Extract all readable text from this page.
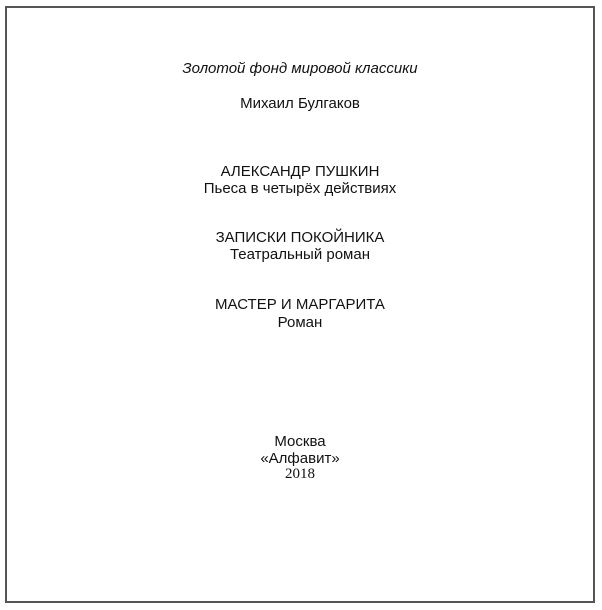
Золотой фонд мировой классики
Михаил Булгаков
АЛЕКСАНДР ПУШКИН
Пьеса в четырёх действиях
ЗАПИСКИ ПОКОЙНИКА
Театральный роман
МАСТЕР И МАРГАРИТА
Роман
Москва
«Алфавит»
2018
